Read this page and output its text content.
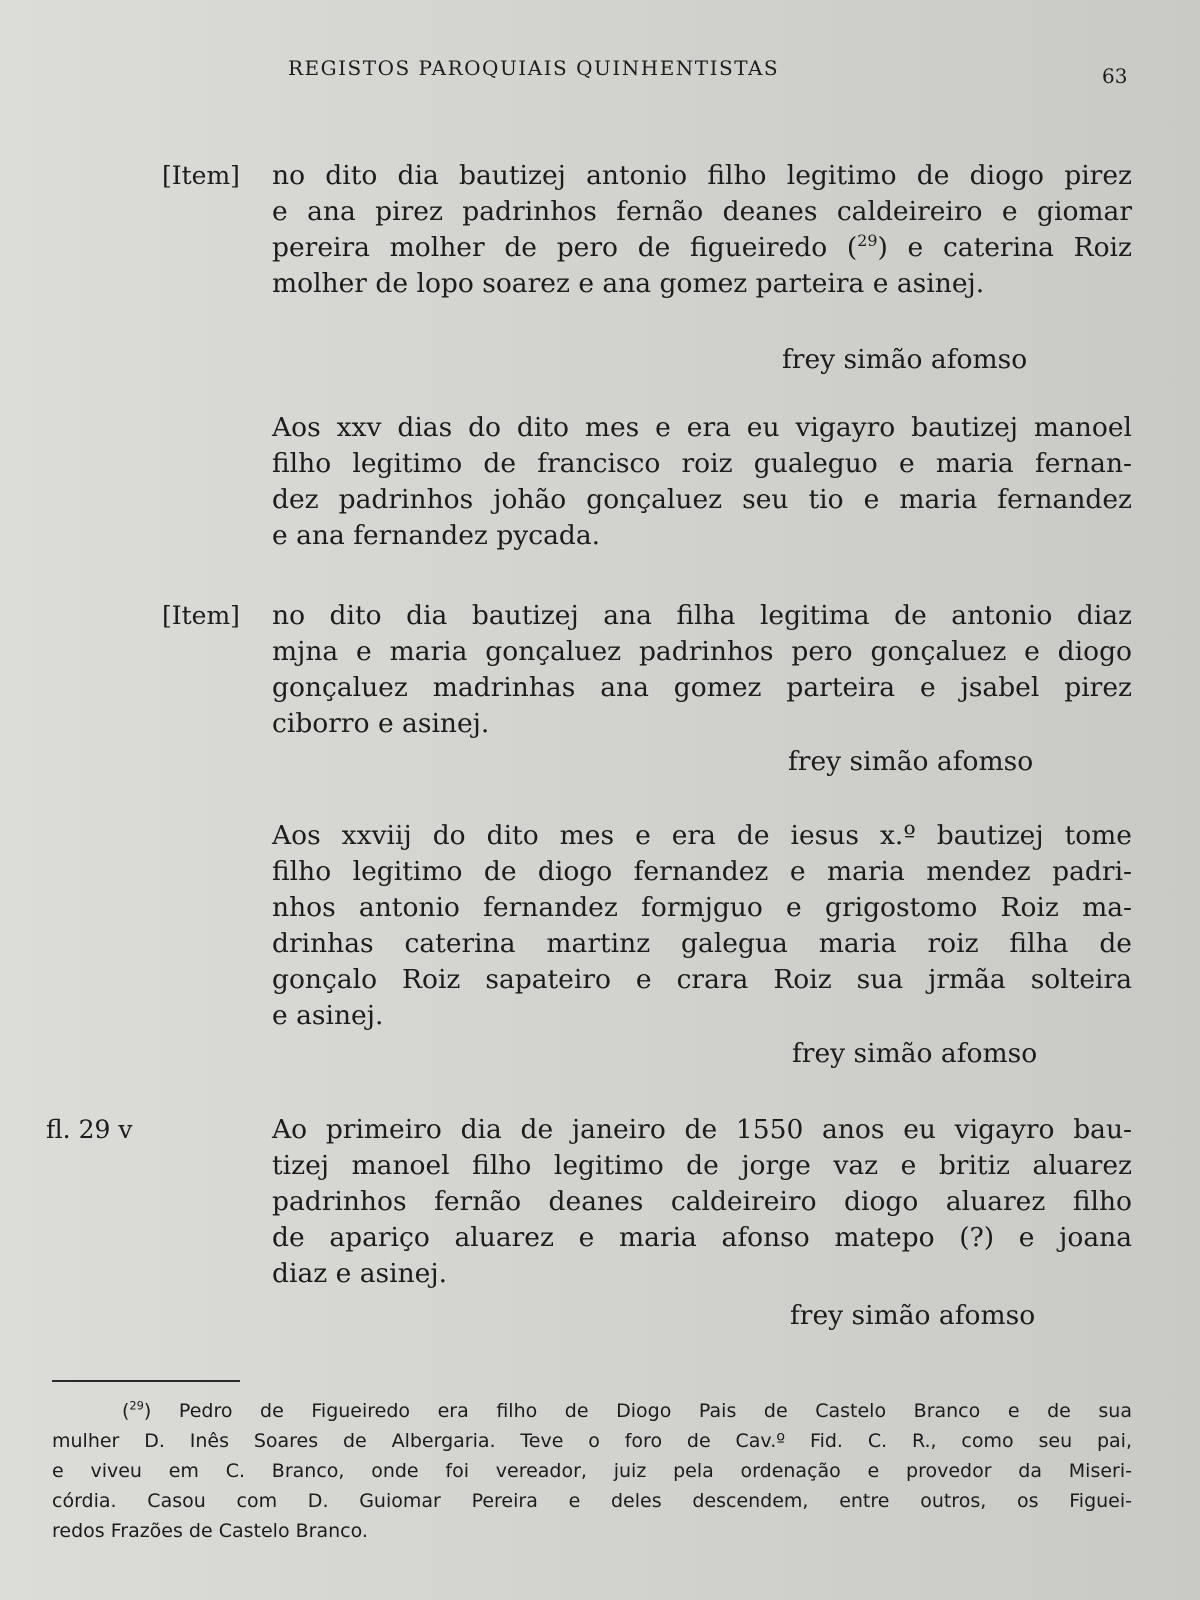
REGISTOS PAROQUIAIS QUINHENTISTAS	63
[Item] no dito dia bautizej antonio filho legitimo de diogo pirez
e ana pirez padrinhos fernão deanes caldeireiro e giomar
pereira molher de pero de figueiredo ($^{29}$) e caterina Roiz
molher de lopo soarez e ana gomez parteira e asinej.
frey simão afomso
Aos xxv dias do dito mes e era eu vigayro bautizej manoel
filho legitimo de francisco roiz gualeguo e maria fernan-
dez padrinhos johão gonçaluez seu tio e maria fernandez
e ana fernandez pycada.
[Item] no dito dia bautizej ana filha legitima de antonio diaz
mjna e maria gonçaluez padrinhos pero gonçaluez e diogo
gonçaluez madrinhas ana gomez parteira e jsabel pirez
ciborro e asinej.
frey simão afomso
Aos xxviij do dito mes e era de iesus x.º bautizej tome
filho legitimo de diogo fernandez e maria mendez padri-
nhos antonio fernandez formjguo e grigostomo Roiz ma-
drinhas caterina martinz galegua maria roiz filha de
gonçalo Roiz sapateiro e crara Roiz sua jrmãa solteira
e asinej.
frey simão afomso
fl. 29 v	Ao primeiro dia de janeiro de 1550 anos eu vigayro bau-
tizej manoel filho legitimo de jorge vaz e britiz aluarez
padrinhos fernão deanes caldeireiro diogo aluarez filho
de apariço aluarez e maria afonso matepo (?) e joana
diaz e asinej.
frey simão afomso
($^{29}$) Pedro de Figueiredo era filho de Diogo Pais de Castelo Branco e de sua
mulher D. Inês Soares de Albergaria. Teve o foro de Cav.º Fid. C. R., como seu pai,
e viveu em C. Branco, onde foi vereador, juiz pela ordenação e provedor da Miseri-
córdia. Casou com D. Guiomar Pereira e deles descendem, entre outros, os Figuei-
redos Frazões de Castelo Branco.
